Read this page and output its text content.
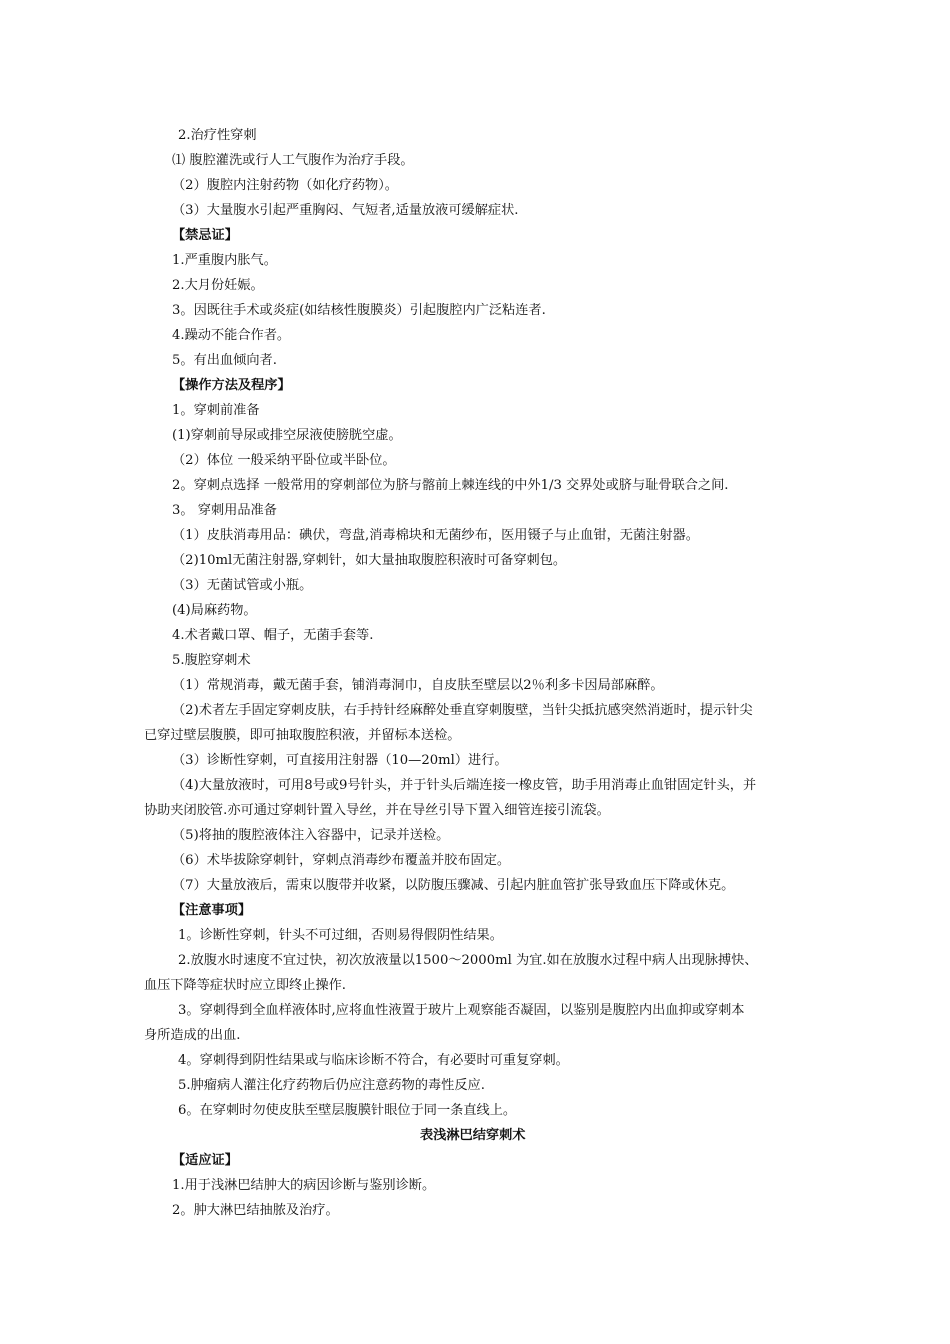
2.治疗性穿刺
⑴ 腹腔灌洗或行人工气腹作为治疗手段。
（2）腹腔内注射药物（如化疗药物）。
（3）大量腹水引起严重胸闷、气短者,适量放液可缓解症状.
【禁忌证】
1.严重腹内胀气。
2.大月份妊娠。
3。因既往手术或炎症(如结核性腹膜炎）引起腹腔内广泛粘连者.
4.躁动不能合作者。
5。有出血倾向者.
【操作方法及程序】
1。穿刺前准备
(1)穿刺前导尿或排空尿液使膀胱空虚。
（2）体位 一般采纳平卧位或半卧位。
2。穿刺点选择 一般常用的穿刺部位为脐与髂前上棘连线的中外1/3 交界处或脐与耻骨联合之间.
3。 穿刺用品准备
（1）皮肤消毒用品：碘伏，弯盘,消毒棉块和无菌纱布，医用镊子与止血钳，无菌注射器。
（2)10ml无菌注射器,穿刺针，如大量抽取腹腔积液时可备穿刺包。
（3）无菌试管或小瓶。
(4)局麻药物。
4.术者戴口罩、帽子，无菌手套等.
5.腹腔穿刺术
（1）常规消毒，戴无菌手套，铺消毒洞巾，自皮肤至壁层以2％利多卡因局部麻醉。
（2)术者左手固定穿刺皮肤，右手持针经麻醉处垂直穿刺腹壁，当针尖抵抗感突然消逝时，提示针尖
已穿过壁层腹膜，即可抽取腹腔积液，并留标本送检。
（3）诊断性穿刺，可直接用注射器（10—20ml）进行。
（4)大量放液时，可用8号或9号针头，并于针头后端连接一橡皮管，助手用消毒止血钳固定针头，并
协助夹闭胶管.亦可通过穿刺针置入导丝，并在导丝引导下置入细管连接引流袋。
（5)将抽的腹腔液体注入容器中，记录并送检。
（6）术毕拔除穿刺针，穿刺点消毒纱布覆盖并胶布固定。
（7）大量放液后，需束以腹带并收紧，以防腹压骤减、引起内脏血管扩张导致血压下降或休克。
【注意事项】
1。诊断性穿刺，针头不可过细，否则易得假阴性结果。
2.放腹水时速度不宜过快，初次放液量以1500～2000ml 为宜.如在放腹水过程中病人出现脉搏快、
血压下降等症状时应立即终止操作.
3。穿刺得到全血样液体时,应将血性液置于玻片上观察能否凝固，以鉴别是腹腔内出血抑或穿刺本
身所造成的出血.
4。穿刺得到阴性结果或与临床诊断不符合，有必要时可重复穿刺。
5.肿瘤病人灌注化疗药物后仍应注意药物的毒性反应.
6。在穿刺时勿使皮肤至壁层腹膜针眼位于同一条直线上。
表浅淋巴结穿刺术
【适应证】
1.用于浅淋巴结肿大的病因诊断与鉴别诊断。
2。肿大淋巴结抽脓及治疗。
